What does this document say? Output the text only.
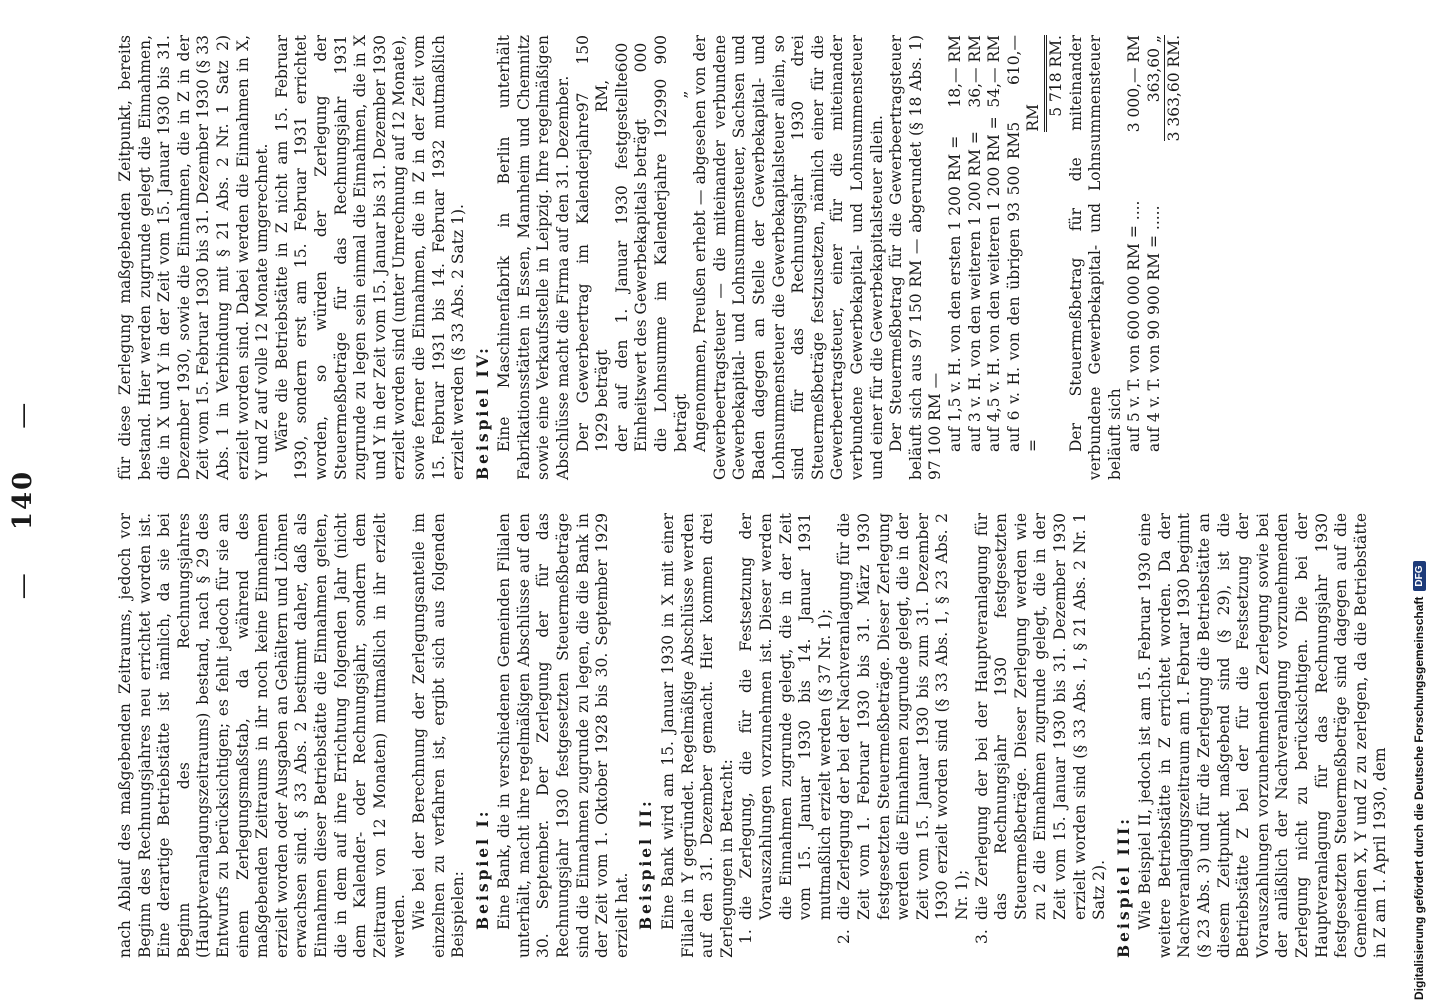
— 140 —

nach Ablauf des maßgebenden Zeitraums, jedoch vor Beginn des Rechnungsjahres neu errichtet worden ist. Eine derartige Betriebstätte ist nämlich, da sie bei Beginn des Rechnungsjahres (Hauptveranlagungszeitraums) bestand, nach § 29 des Entwurfs zu berücksichtigen; es fehlt jedoch für sie an einem Zerlegungsmaßstab, da während des maßgebenden Zeitraums in ihr noch keine Einnahmen erzielt worden oder Ausgaben an Gehältern und Löhnen erwachsen sind. § 33 Abs. 2 bestimmt daher, daß als Einnahmen dieser Betriebstätte die Einnahmen gelten, die in dem auf ihre Errichtung folgenden Jahr (nicht dem Kalender- oder Rechnungsjahr, sondern dem Zeitraum von 12 Monaten) mutmaßlich in ihr erzielt werden. Wie bei der Berechnung der Zerlegungsanteile im einzelnen zu verfahren ist, ergibt sich aus folgenden Beispielen: Beispiel I: Eine Bank, die in verschiedenen Gemeinden Filialen unterhält, macht ihre regelmäßigen Abschlüsse auf den 30. September. Der Zerlegung der für das Rechnungsjahr 1930 festgesetzten Steuermeßbeträge sind die Einnahmen zugrunde zu legen, die die Bank in der Zeit vom 1. Oktober 1928 bis 30. September 1929 erzielt hat. Beispiel II: Eine Bank wird am 15. Januar 1930 in X mit einer Filiale in Y gegründet. Regelmäßige Abschlüsse werden auf den 31. Dezember gemacht. Hier kommen drei Zerlegungen in Betracht: 1.
die Zerlegung, die für die Festsetzung der Vorauszahlungen vorzunehmen ist. Dieser werden die Einnahmen zugrunde gelegt, die in der Zeit vom 15. Januar 1930 bis 14. Januar 1931 mutmaßlich erzielt werden (§ 37 Nr. 1);
2.
die Zerlegung der bei der Nachveranlagung für die Zeit vom 1. Februar 1930 bis 31. März 1930 festgesetzten Steuermeßbeträge. Dieser Zerlegung werden die Einnahmen zugrunde gelegt, die in der Zeit vom 15. Januar 1930 bis zum 31. Dezember 1930 erzielt worden sind (§ 33 Abs. 1, § 23 Abs. 2 Nr. 1);
3.
die Zerlegung der bei der Hauptveranlagung für das Rechnungsjahr 1930 festgesetzten Steuermeßbeträge. Dieser Zerlegung werden wie zu 2 die Einnahmen zugrunde gelegt, die in der Zeit vom 15. Januar 1930 bis 31. Dezember 1930 erzielt worden sind (§ 33 Abs. 1, § 21 Abs. 2 Nr. 1 Satz 2). Beispiel III: Wie Beispiel II, jedoch ist am 15. Februar 1930 eine weitere Betriebstätte in Z errichtet worden. Da der Nachveranlagungszeitraum am 1. Februar 1930 beginnt (§ 23 Abs. 3) und für die Zerlegung die Betriebstätte an diesem Zeitpunkt maßgebend sind (§ 29), ist die Betriebstätte Z bei der für die Festsetzung der Vorauszahlungen vorzunehmenden Zerlegung sowie bei der anläßlich der Nachveranlagung vorzunehmenden Zerlegung nicht zu berücksichtigen. Die bei der Hauptveranlagung für das Rechnungsjahr 1930 festgesetzten Steuermeßbeträge sind dagegen auf die Gemeinden X, Y und Z zu zerlegen, da die Betriebstätte in Z am 1. April 1930, dem

für diese Zerlegung maßgebenden Zeitpunkt, bereits bestand. Hier werden zugrunde gelegt die Einnahmen, die in X und Y in der Zeit vom 15. Januar 1930 bis 31. Dezember 1930, sowie die Einnahmen, die in Z in der Zeit vom 15. Februar 1930 bis 31. Dezember 1930 (§ 33 Abs. 1 in Verbindung mit § 21 Abs. 2 Nr. 1 Satz 2) erzielt worden sind. Dabei werden die Einnahmen in X, Y und Z auf volle 12 Monate umgerechnet. Wäre die Betriebstätte in Z nicht am 15. Februar 1930, sondern erst am 15. Februar 1931 errichtet worden, so würden der Zerlegung der Steuermeßbeträge für das Rechnungsjahr 1931 zugrunde zu legen sein einmal die Einnahmen, die in X und Y in der Zeit vom 15. Januar bis 31. Dezember 1930 erzielt worden sind (unter Umrechnung auf 12 Monate), sowie ferner die Einnahmen, die in Z in der Zeit vom 15. Februar 1931 bis 14. Februar 1932 mutmaßlich erzielt werden (§ 33 Abs. 2 Satz 1). Beispiel IV: Eine Maschinenfabrik in Berlin unterhält Fabrikationsstätten in Essen, Mannheim und Chemnitz sowie eine Verkaufsstelle in Leipzig. Ihre regelmäßigen Abschlüsse macht die Firma auf den 31. Dezember. Der Gewerbeertrag im Kalenderjahre 1929 beträgt
97 150 RM, der auf den 1. Januar 1930 festgestellte Einheitswert des Gewerbekapitals beträgt
600 000
die Lohnsumme im Kalenderjahre 1929 beträgt
90 900 „ Angenommen, Preußen erhebt — abgesehen von der Gewerbeertragsteuer — die miteinander verbundene Gewerbekapital- und Lohnsummensteuer, Sachsen und Baden dagegen an Stelle der Gewerbekapital- und Lohnsummensteuer die Gewerbekapitalsteuer allein, so sind für das Rechnungsjahr 1930 drei Steuermeßbeträge festzusetzen, nämlich einer für die Gewerbeertragsteuer, einer für die miteinander verbundene Gewerbekapital- und Lohnsummensteuer und einer für die Gewerbekapitalsteuer allein. Der Steuermeßbetrag für die Gewerbeertragsteuer beläuft sich aus 97 150 RM — abgerundet (§ 18 Abs. 1) 97 100 RM — auf 1,5 v. H. von den ersten 1 200 RM =
18,— RM
auf 3 v. H. von den weiteren 1 200 RM =
36,— RM
auf 4,5 v. H. von den weiteren 1 200 RM =
54,— RM
auf 6 v. H. von den übrigen 93 500 RM =
5 610,— RM
5 718 RM. Der Steuermeßbetrag für die miteinander verbundene Gewerbekapital- und Lohnsummensteuer beläuft sich auf 5 v. T. von 600 000 RM = ....
3 000,— RM
auf 4 v. T. von 90 900 RM = .....
363,60 „ 3 363,60 RM.
Digitalisierung gefördert durch die Deutsche Forschungsgemeinschaft
DFG
